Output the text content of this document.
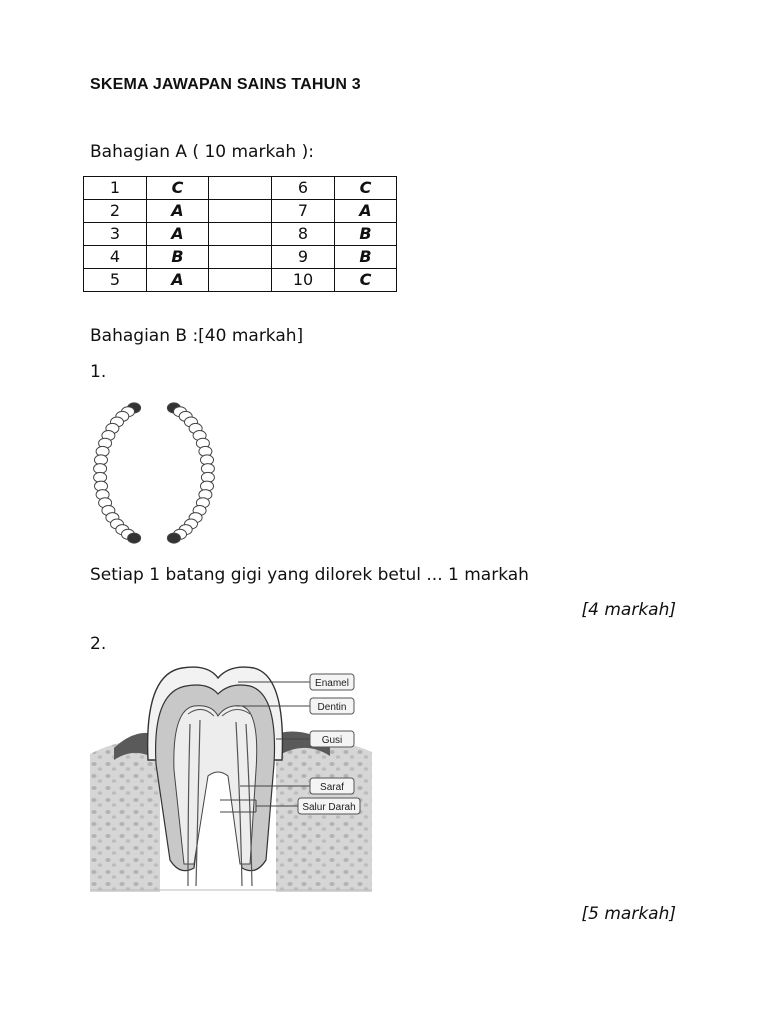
SKEMA JAWAPAN SAINS TAHUN 3
Bahagian A ( 10 markah ):
1	C		6	C
2	A		7	A
3	A		8	B
4	B		9	B
5	A		10	C
Bahagian B :[40 markah]
1.
Setiap 1 batang gigi yang dilorek betul ... 1 markah
[4 markah]
2.
Enamel
Dentin
Gusi
Saraf
Salur Darah
[5 markah]
